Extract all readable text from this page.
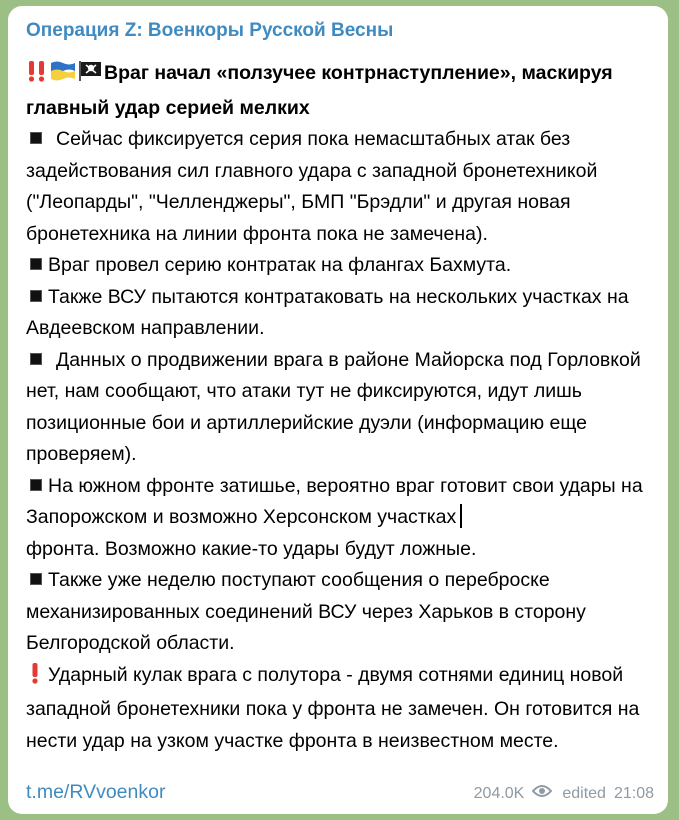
Операция Z: Военкоры Русской Весны

Враг начал «ползучее контрнаступление», маскируя главный удар серией мелких

Сейчас фиксируется серия пока немасштабных атак без задействования сил главного удара с западной бронетехникой ("Леопарды", "Челленджеры", БМП "Брэдли" и другая новая бронетехника на линии фронта пока не замечена).

Враг провел серию контратак на флангах Бахмута.

Также ВСУ пытаются контратаковать на нескольких участках на Авдеевском направлении.

Данных о продвижении врага в районе Майорска под Горловкой нет, нам сообщают, что атаки тут не фиксируются, идут лишь позиционные бои и артиллерийские дуэли (информацию еще проверяем).

На южном фронте затишье, вероятно враг готовит свои удары на Запорожском и возможно Херсонском участках
фронта. Возможно какие-то удары будут ложные.

Также уже неделю поступают сообщения о переброске механизированных соединений ВСУ через Харьков в сторону Белгородской области.

Ударный кулак врага с полутора - двумя сотнями единиц новой западной бронетехники пока у фронта не замечен. Он готовится на нести удар на узком участке фронта в неизвестном месте.

t.me/RVvoenkor	204.0K edited 21:08
